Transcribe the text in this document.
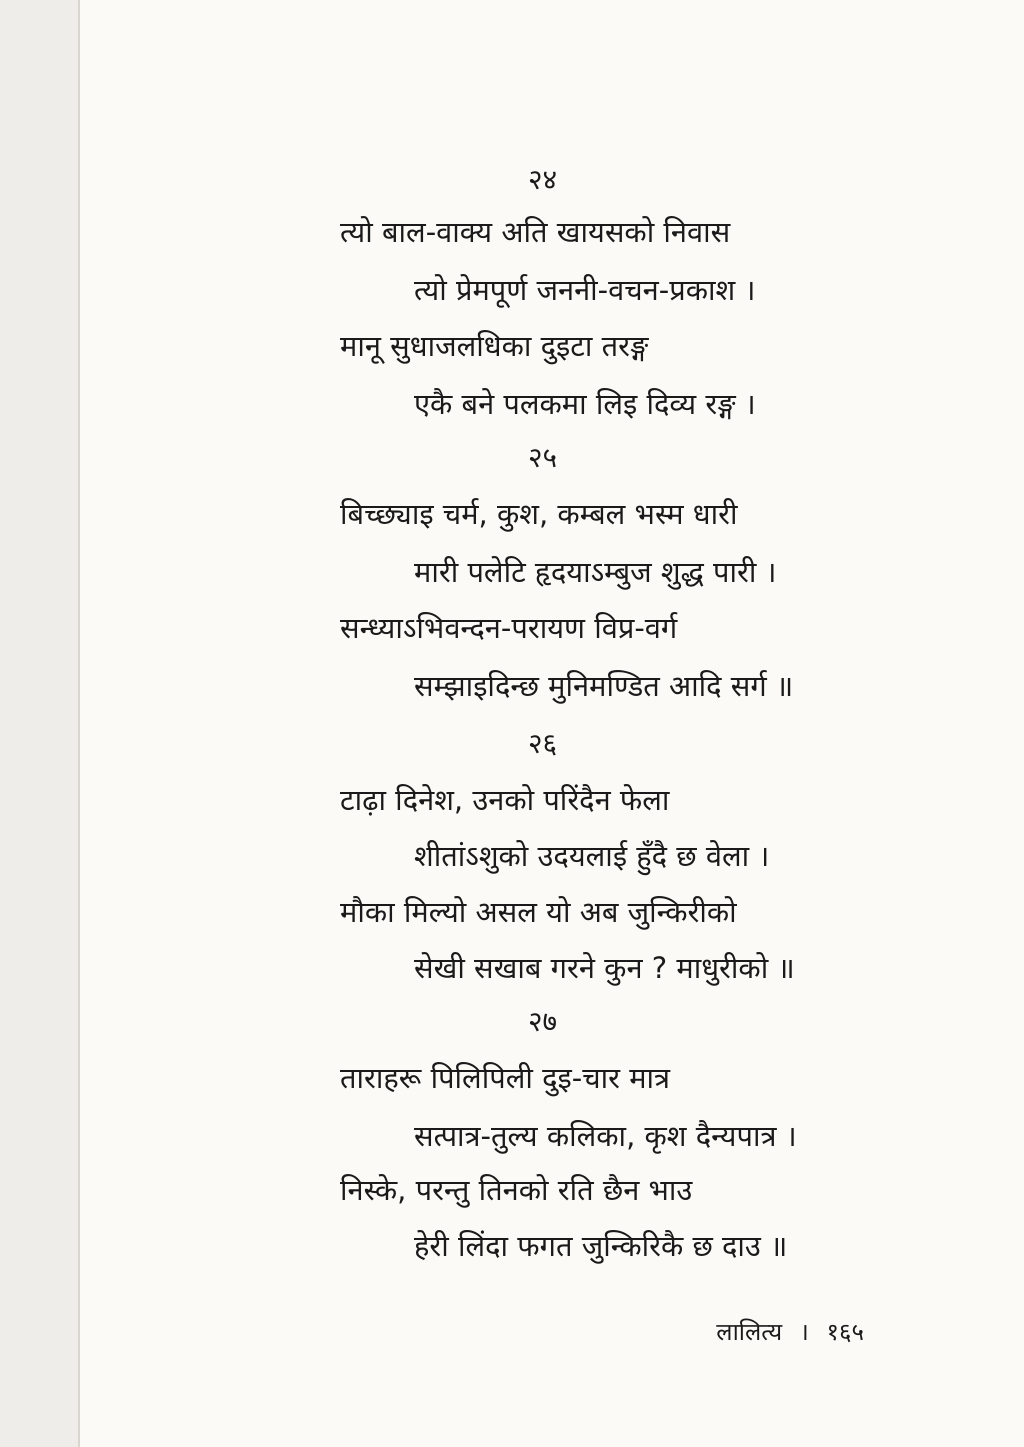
२४
त्यो बाल-वाक्य अति खायसको निवास
त्यो प्रेमपूर्ण जननी-वचन-प्रकाश ।
मानू सुधाजलधिका दुइटा तरङ्ग
एकै बने पलकमा लिइ दिव्य रङ्ग ।
२५
बिच्छ्याइ चर्म, कुश, कम्बल भस्म धारी
मारी पलेटि हृदयाऽम्बुज शुद्ध पारी ।
सन्ध्याऽभिवन्दन-परायण विप्र-वर्ग
सम्झाइदिन्छ मुनिमण्डित आदि सर्ग ॥
२६
टाढ़ा दिनेश, उनको परिंदैन फेला
शीतांऽशुको उदयलाई हुँदै छ वेला ।
मौका मिल्यो असल यो अब जुन्किरीको
सेखी सखाब गरने कुन ? माधुरीको ॥
२७
ताराहरू पिलिपिली दुइ-चार मात्र
सत्पात्र-तुल्य कलिका, कृश दैन्यपात्र ।
निस्के, परन्तु तिनको रति छैन भाउ
हेरी लिंदा फगत जुन्किरिकै छ दाउ ॥
लालित्य । १६५
